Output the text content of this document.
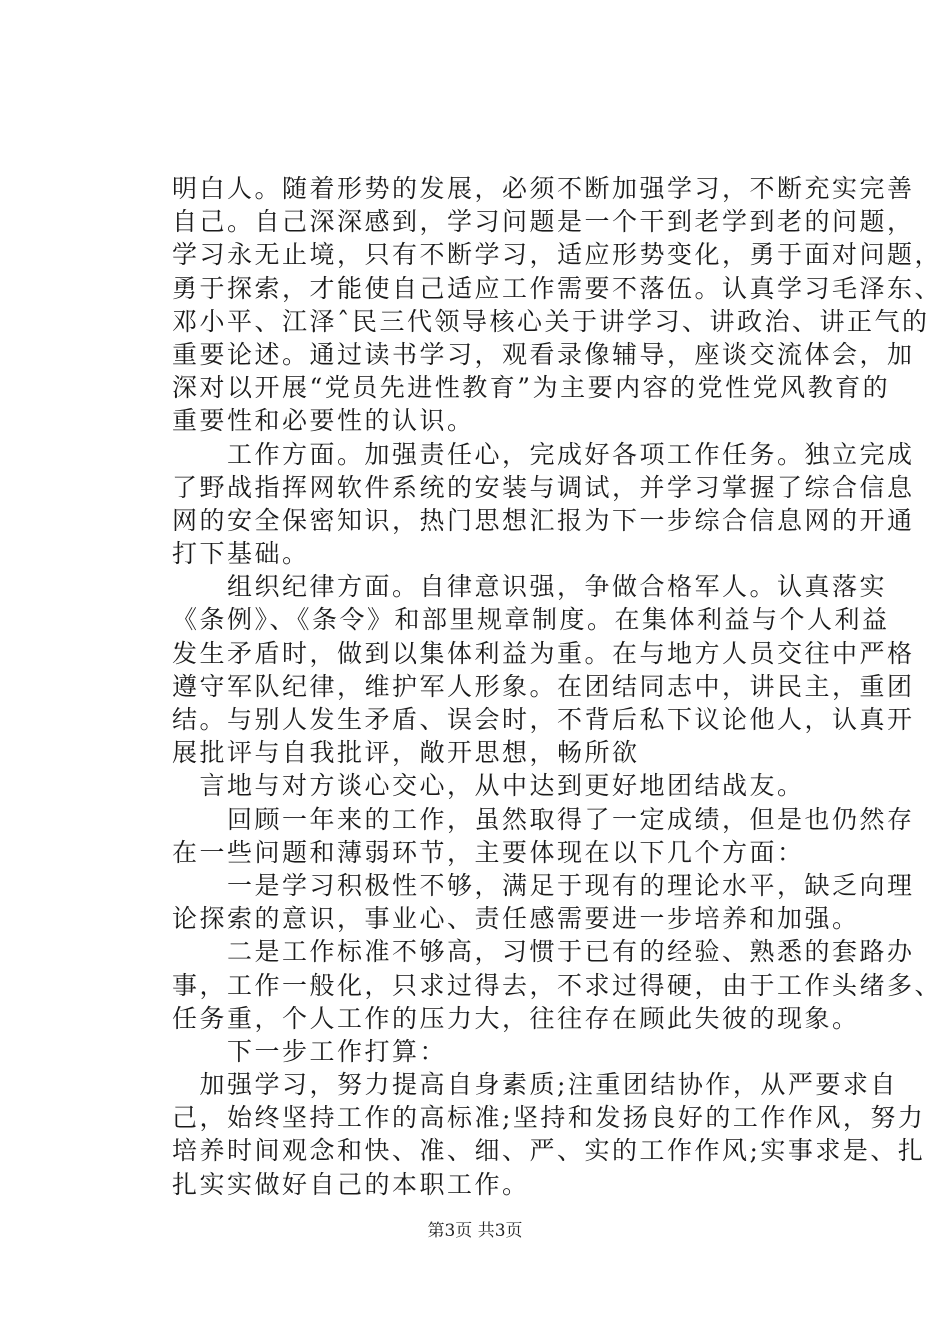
明白人。随着形势的发展，必须不断加强学习，不断充实完善
自己。自己深深感到，学习问题是一个干到老学到老的问题，
学习永无止境，只有不断学习，适应形势变化，勇于面对问题，
勇于探索，才能使自己适应工作需要不落伍。认真学习毛泽东、
邓小平、江泽ˆ民三代领导核心关于讲学习、讲政治、讲正气的
重要论述。通过读书学习，观看录像辅导，座谈交流体会，加
深对以开展“党员先进性教育”为主要内容的党性党风教育的
重要性和必要性的认识。
　　工作方面。加强责任心，完成好各项工作任务。独立完成
了野战指挥网软件系统的安装与调试，并学习掌握了综合信息
网的安全保密知识，热门思想汇报为下一步综合信息网的开通
打下基础。
　　组织纪律方面。自律意识强，争做合格军人。认真落实
《条例》、《条令》和部里规章制度。在集体利益与个人利益
发生矛盾时，做到以集体利益为重。在与地方人员交往中严格
遵守军队纪律，维护军人形象。在团结同志中，讲民主，重团
结。与别人发生矛盾、误会时，不背后私下议论他人，认真开
展批评与自我批评，敞开思想，畅所欲
　言地与对方谈心交心，从中达到更好地团结战友。
　　回顾一年来的工作，虽然取得了一定成绩，但是也仍然存
在一些问题和薄弱环节，主要体现在以下几个方面：
　　一是学习积极性不够，满足于现有的理论水平，缺乏向理
论探索的意识，事业心、责任感需要进一步培养和加强。
　　二是工作标准不够高，习惯于已有的经验、熟悉的套路办
事，工作一般化，只求过得去，不求过得硬，由于工作头绪多、
任务重，个人工作的压力大，往往存在顾此失彼的现象。
　　下一步工作打算：
　加强学习，努力提高自身素质;注重团结协作，从严要求自
己，始终坚持工作的高标准;坚持和发扬良好的工作作风，努力
培养时间观念和快、准、细、严、实的工作作风;实事求是、扎
扎实实做好自己的本职工作。
第3页 共3页
